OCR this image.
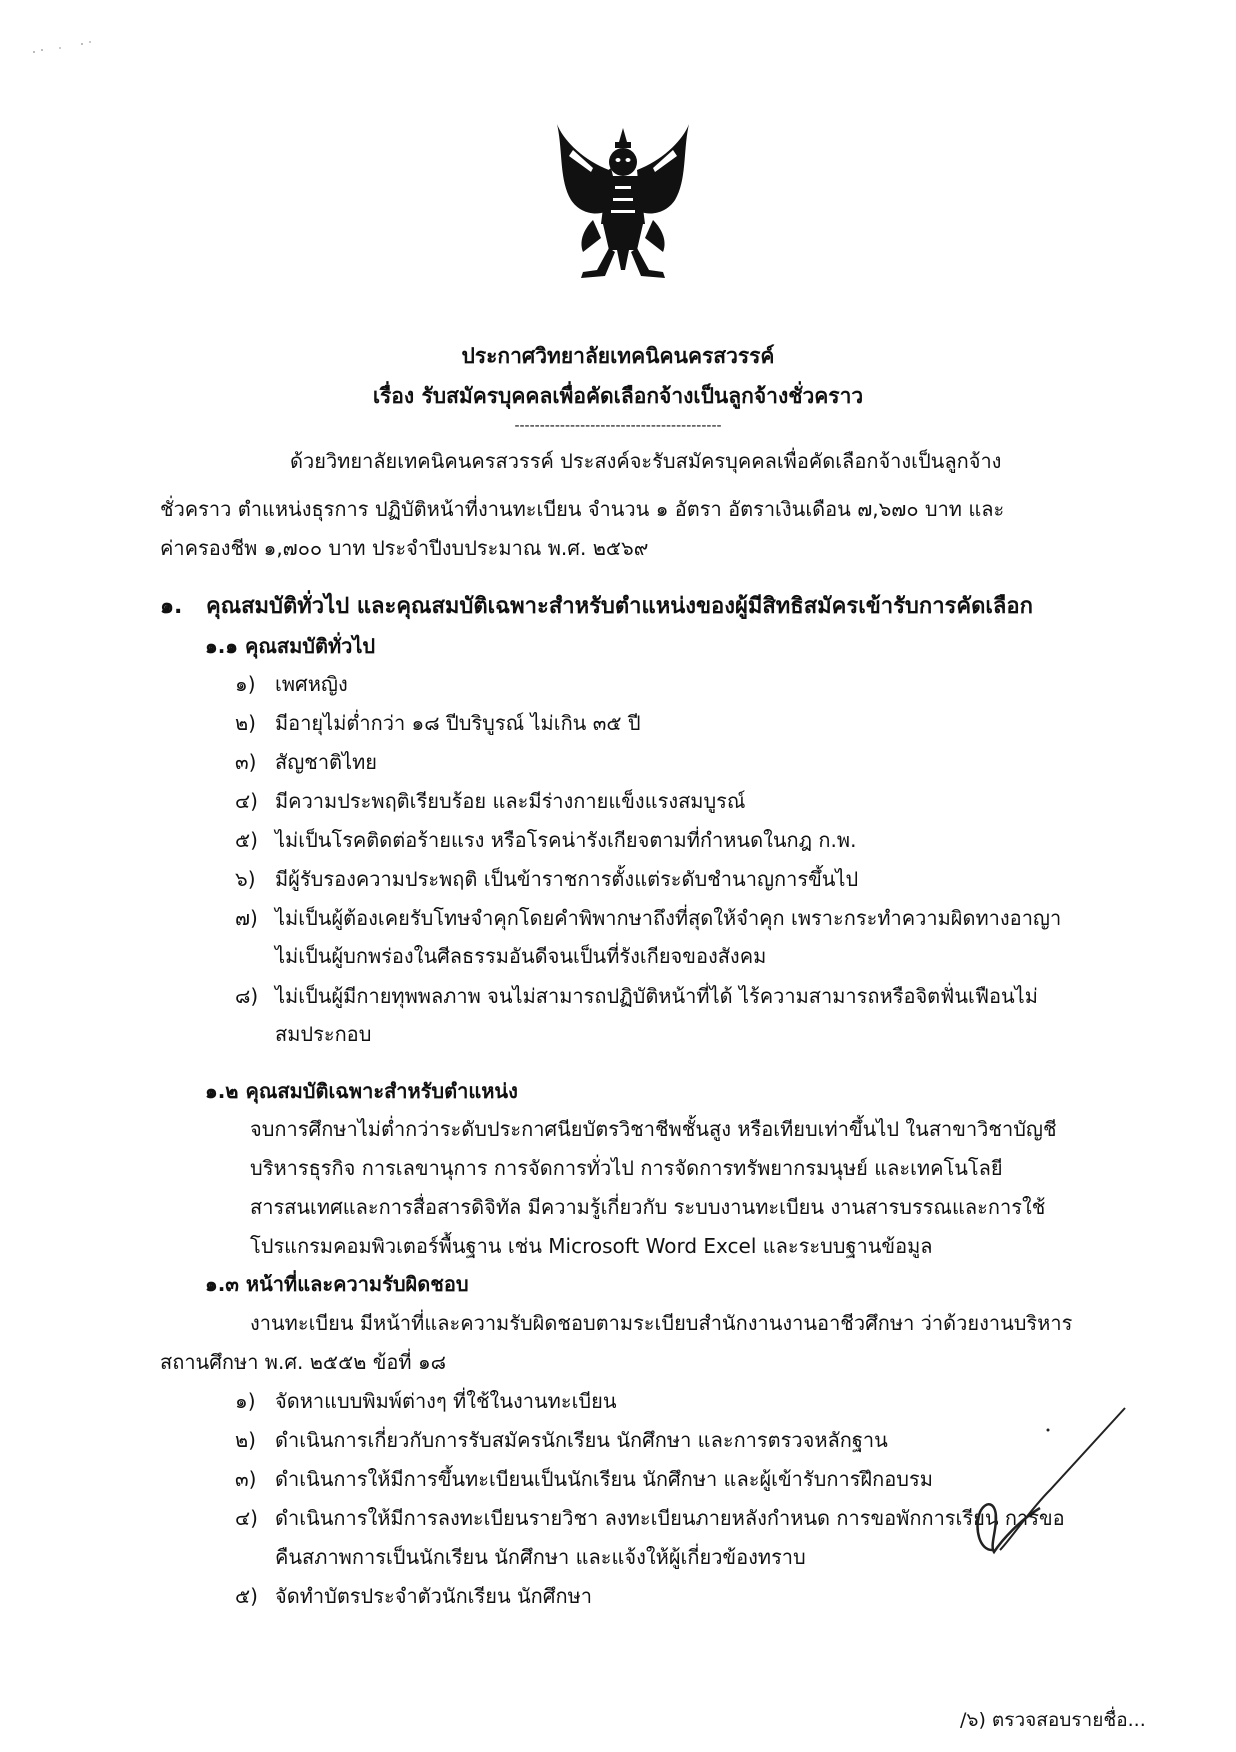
ประกาศวิทยาลัยเทคนิคนครสวรรค์
เรื่อง รับสมัครบุคคลเพื่อคัดเลือกจ้างเป็นลูกจ้างชั่วคราว
-----------------------------------------
ด้วยวิทยาลัยเทคนิคนครสวรรค์ ประสงค์จะรับสมัครบุคคลเพื่อคัดเลือกจ้างเป็นลูกจ้าง
ชั่วคราว ตำแหน่งธุรการ ปฏิบัติหน้าที่งานทะเบียน จำนวน ๑ อัตรา อัตราเงินเดือน ๗,๖๗๐ บาท และ
ค่าครองชีพ ๑,๗๐๐ บาท ประจำปีงบประมาณ พ.ศ. ๒๕๖๙
๑. คุณสมบัติทั่วไป และคุณสมบัติเฉพาะสำหรับตำแหน่งของผู้มีสิทธิสมัครเข้ารับการคัดเลือก
๑.๑ คุณสมบัติทั่วไป
๑) เพศหญิง
๒) มีอายุไม่ต่ำกว่า ๑๘ ปีบริบูรณ์ ไม่เกิน ๓๕ ปี
๓) สัญชาติไทย
๔) มีความประพฤติเรียบร้อย และมีร่างกายแข็งแรงสมบูรณ์
๕) ไม่เป็นโรคติดต่อร้ายแรง หรือโรคน่ารังเกียจตามที่กำหนดในกฎ ก.พ.
๖) มีผู้รับรองความประพฤติ เป็นข้าราชการตั้งแต่ระดับชำนาญการขึ้นไป
๗) ไม่เป็นผู้ต้องเคยรับโทษจำคุกโดยคำพิพากษาถึงที่สุดให้จำคุก เพราะกระทำความผิดทางอาญา
ไม่เป็นผู้บกพร่องในศีลธรรมอันดีจนเป็นที่รังเกียจของสังคม
๘) ไม่เป็นผู้มีกายทุพพลภาพ จนไม่สามารถปฏิบัติหน้าที่ได้ ไร้ความสามารถหรือจิตฟั่นเฟือนไม่
สมประกอบ
๑.๒ คุณสมบัติเฉพาะสำหรับตำแหน่ง
จบการศึกษาไม่ต่ำกว่าระดับประกาศนียบัตรวิชาชีพชั้นสูง หรือเทียบเท่าขึ้นไป ในสาขาวิชาบัญชี
บริหารธุรกิจ การเลขานุการ การจัดการทั่วไป การจัดการทรัพยากรมนุษย์ และเทคโนโลยี
สารสนเทศและการสื่อสารดิจิทัล มีความรู้เกี่ยวกับ ระบบงานทะเบียน งานสารบรรณและการใช้
โปรแกรมคอมพิวเตอร์พื้นฐาน เช่น Microsoft Word Excel และระบบฐานข้อมูล
๑.๓ หน้าที่และความรับผิดชอบ
งานทะเบียน มีหน้าที่และความรับผิดชอบตามระเบียบสำนักงานงานอาชีวศึกษา ว่าด้วยงานบริหาร
สถานศึกษา พ.ศ. ๒๕๕๒ ข้อที่ ๑๘
๑) จัดหาแบบพิมพ์ต่างๆ ที่ใช้ในงานทะเบียน
๒) ดำเนินการเกี่ยวกับการรับสมัครนักเรียน นักศึกษา และการตรวจหลักฐาน
๓) ดำเนินการให้มีการขึ้นทะเบียนเป็นนักเรียน นักศึกษา และผู้เข้ารับการฝึกอบรม
๔) ดำเนินการให้มีการลงทะเบียนรายวิชา ลงทะเบียนภายหลังกำหนด การขอพักการเรียน การขอ
คืนสภาพการเป็นนักเรียน นักศึกษา และแจ้งให้ผู้เกี่ยวข้องทราบ
๕) จัดทำบัตรประจำตัวนักเรียน นักศึกษา
/๖) ตรวจสอบรายชื่อ...
